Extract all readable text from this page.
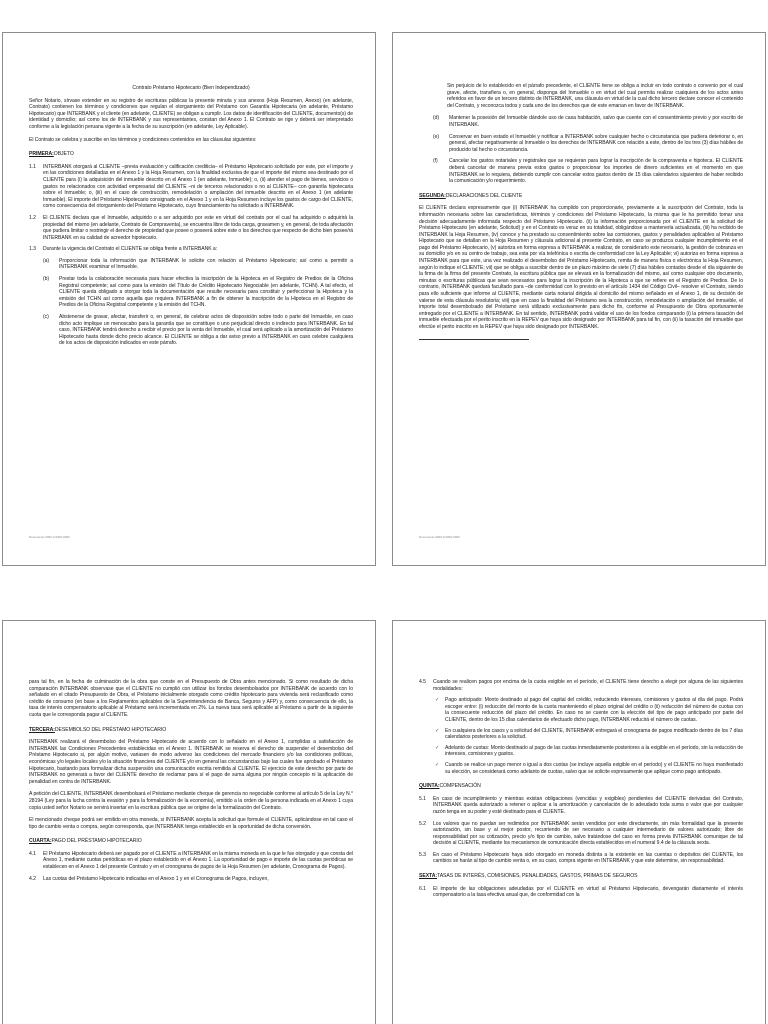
Contrato Préstamo Hipotecario (Bien Independizado)

Señor Notario, sírvase extender en su registro de escrituras públicas la presente minuta y sus anexos (Hoja Resumen, Anexo) (en adelante, Contrato) contienen los términos y condiciones que regulan el otorgamiento del Préstamo con Garantía Hipotecaria (en adelante, Préstamo Hipotecario) que INTERBANK y el cliente (en adelante, CLIENTE) se obligan a cumplir. Los datos de identificación del CLIENTE, documento(s) de identidad y domicilio; así como los de INTERBANK y sus representantes, constan del Anexo 1. El Contrato se rige y deberá ser interpretado conforme a la legislación peruana vigente a la fecha de su suscripción (en adelante, Ley Aplicable).

El Contrato se celebra y suscribe en los términos y condiciones contenidos en las cláusulas siguientes:

PRIMERA:OBJETO

1.1	INTERBANK otorgará al CLIENTE –previa evaluación y calificación crediticia– el Préstamo Hipotecario solicitado por este, por el importe y en las condiciones detalladas en el Anexo 1 y la Hoja Resumen, con la finalidad exclusiva de que el importe del mismo sea destinado por el CLIENTE para (i) la adquisición del inmueble descrito en el Anexo 1 (en adelante, Inmueble); o, (ii) atender el pago de bienes, servicios o gastos no relacionados con actividad empresarial del CLIENTE –ni de terceros relacionados o no al CLIENTE– con garantía hipotecaria sobre el Inmueble; o, (iii) en el caso de construcción, remodelación o ampliación del inmueble descrito en el Anexo 1 (en adelante Inmueble). El importe del Préstamo Hipotecario consignado en el Anexo 1 y en la Hoja Resumen incluye los gastos de cargo del CLIENTE, como consecuencia del otorgamiento del Préstamo Hipotecario, cuyo financiamiento ha solicitado a INTERBANK.
1.2	El CLIENTE declara que el Inmueble, adquirido o a ser adquirido por este en virtud del contrato por el cual ha adquirido o adquirirá la propiedad del mismo (en adelante, Contrato de Compraventa), se encuentra libre de toda carga, gravamen y, en general, de toda afectación que pudiera limitar o restringir el derecho de propiedad que posee o poseerá sobre este o los derechos que respecto de dicho bien posee/rá INTERBANK en su calidad de acreedor hipotecario.
1.3	Durante la vigencia del Contrato el CLIENTE se obliga frente a INTERBANK a:
(a)	Proporcionar toda la información que INTERBANK le solicite con relación al Préstamo Hipotecario; así como a permitir a INTERBANK examinar el Inmueble.
(b)	Prestar toda la colaboración necesaria para hacer efectiva la inscripción de la Hipoteca en el Registro de Predios de la Oficina Registral competente; así como para la emisión del Título de Crédito Hipotecario Negociable (en adelante, TCHN). A tal efecto, el CLIENTE queda obligado a otorgar toda la documentación que resulte necesaria para constituir y perfeccionar la Hipoteca y la emisión del TCHN así como aquella que requiera INTERBANK a fin de obtener la inscripción de la Hipoteca en el Registro de Predios de la Oficina Registral competente y la emisión del TCHN.
(c)	Abstenerse de gravar, afectar, transferir o, en general, de celebrar actos de disposición sobre todo o parte del Inmueble, en caso dicho acto implique un menoscabo para la garantía que se constituye o uno perjudicial directo o indirecto para INTERBANK. En tal caso, INTERBANK tendrá derecho a recibir el precio por la venta del Inmueble, el cual será aplicado a la amortización del Préstamo Hipotecario hasta donde dicho precio alcance. El CLIENTE se obliga a dar aviso previo a INTERBANK en caso celebre cualquiera de los actos de disposición indicados en este párrafo.
Documento 0000-0 0000-0000

Sin perjuicio de lo establecido en el párrafo precedente, el CLIENTE tiene se obliga a incluir en todo contrato o convenio por el cual grave, afecte, transfiera o, en general, disponga del Inmueble o en virtud del cual permita realizar cualquiera de los actos antes referidos en favor de un tercero distinto de INTERBANK, una cláusula en virtud de la cual dicho tercero declare conocer el contenido del Contrato, y reconozca todos y cada uno de los derechos que de este emanan en favor de INTERBANK.

(d)	Mantener la posesión del Inmueble dándole uso de casa habitación, salvo que cuente con el consentimiento previo y por escrito de INTERBANK.
(e)	Conservar en buen estado el Inmueble y notificar a INTERBANK sobre cualquier hecho o circunstancia que pudiera deteriorar o, en general, afectar negativamente al Inmueble o los derechos de INTERBANK con relación a este, dentro de los tres (3) días hábiles de producido tal hecho o circunstancia.
(f)	Cancelar los gastos notariales y registrales que se requieran para lograr la inscripción de la compraventa e hipoteca. El CLIENTE deberá cancelar de manera previa estos gastos o proporcionar los importes de dinero suficientes en el momento en que INTERBANK se lo requiera, debiendo cumplir con cancelar estos gastos dentro de 15 días calendarios siguientes de haber recibido la comunicación y/o requerimiento.

SEGUNDA:DECLARACIONES DEL CLIENTE

El CLIENTE declara expresamente que (i) INTERBANK ha cumplido con proporcionarle, previamente a la suscripción del Contrato, toda la información necesaria sobre las características, términos y condiciones del Préstamo Hipotecario, la misma que le ha permitido tomar una decisión adecuadamente informada respecto del Préstamo Hipotecario. (ii) la información proporcionada por el CLIENTE en la solicitud de Préstamo Hipotecario (en adelante, Solicitud) y en el Contrato es veraz en su totalidad, obligándose a mantenerla actualizada, (iii) ha recibido de INTERBANK la Hoja Resumen, (iv) conoce y ha prestado su consentimiento sobre las comisiones, gastos y penalidades aplicables al Préstamo Hipotecario que se detallan en la Hoja Resumen y cláusula adicional al presente Contrato, en caso se produzca cualquier incumplimiento en el pago del Préstamo Hipotecario, (v) autoriza en forma expresa a INTERBANK a realizar, de considerarlo este necesario, la gestión de cobranza en su domicilio y/o en su centro de trabajo, sea esta por vía telefónica o escrita de conformidad con la Ley Aplicable; vi) autoriza en forma expresa a INTERBANK para que este, una vez realizado el desembolso del Préstamo Hipotecario, remita de manera física o electrónica la Hoja Resumen, según lo indique el CLIENTE; vii) que se obliga a suscribir dentro de un plazo máximo de siete (7) días hábiles contados desde el día siguiente de la firma de la firma del presente Contrato, la escritura pública que se elevará en la formalización del mismo, así como cualquier otro documento, minutas o escrituras públicas que sean necesarios para lograr la inscripción de la Hipoteca a que se refiere en el Registro de Predios. De lo contrario, INTERBANK quedará facultado para –de conformidad con lo previsto en el artículo 1434 del Código Civil– resolver el Contrato, siendo para ello suficiente que informe al CLIENTE, mediante carta notarial dirigida al domicilio del mismo señalado en el Anexo 1, de su decisión de valerse de esta cláusula resolutoria; viii) que en caso la finalidad del Préstamo sea la construcción, remodelación o ampliación del inmueble, el importe total desembolsado del Préstamo será utilizado exclusivamente para dicho fin, conforme al Presupuesto de Obra oportunamente entregado por el CLIENTE a INTERBANK. En tal sentido, INTERBANK podrá validar el uso de los fondos comparando (i) la primera tasación del inmueble efectuada por el perito inscrito en la REPEV que haya sido designado por INTERBANK para tal fin, con (ii) la tasación del inmueble que efectúe el perito inscrito en la REPEV que haya sido designado por INTERBANK.

Documento 0000-0 0000-0000

para tal fin, en la fecha de culminación de la obra que conste en el Presupuesto de Obra antes mencionado. Si como resultado de dicha comparación INTERBANK observase que el CLIENTE no cumplió con utilizar los fondos desembolsados por INTERBANK de acuerdo con lo señalado en el citado Presupuesto de Obra, el Préstamo inicialmente otorgado como crédito hipotecario para vivienda será reclasificado como crédito de consumo (en base a los Reglamentos aplicables de la Superintendencia de Banca, Seguros y AFP) y, como consecuencia de ello, la tasa de interés compensatorio aplicable al Préstamo será incrementada en 2%. La nueva tasa será aplicable al Préstamo a partir de la siguiente cuota que le corresponda pagar al CLIENTE.

TERCERA:DESEMBOLSO DEL PRÉSTAMO HIPOTECARIO

INTERBANK realizará el desembolso del Préstamo Hipotecario de acuerdo con lo señalado en el Anexo 1, cumplidas a satisfacción de INTERBANK las Condiciones Precedentes establecidas en el Anexo 1. INTERBANK se reserva el derecho de suspender el desembolso del Préstamo Hipotecario si, por algún motivo, variasen de modo adverso las condiciones del mercado financiero y/o las condiciones políticas, económicas y/o legales locales y/o la situación financiera del CLIENTE y/o en general las circunstancias bajo las cuales fue aprobado el Préstamo Hipotecario, bastando para formalizar dicha suspensión una comunicación escrita remitida al CLIENTE. El ejercicio de este derecho por parte de INTERBANK no generará a favor del CLIENTE derecho de reclamar para sí el pago de suma alguna por ningún concepto ni la aplicación de penalidad en contra de INTERBANK.

A petición del CLIENTE, INTERBANK desembolsará el Préstamo mediante cheque de gerencia no negociable conforme al artículo 5 de la Ley N.° 28194 (Ley para la lucha contra la evasión y para la formalización de la economía), emitido a la orden de la persona indicada en el Anexo 1 cuya copia usted señor Notario se servirá insertar en la escritura pública que se origine de la formalización del Contrato.

El mencionado cheque podrá ser emitido en otra moneda, si INTERBANK acepta la solicitud que formule el CLIENTE, aplicándose en tal caso el tipo de cambio venta o compra, según corresponda, que INTERBANK tenga establecido en la oportunidad de dicha conversión.

CUARTA:PAGO DEL PRÉSTAMO HIPOTECARIO

4.1	El Préstamo Hipotecario deberá ser pagado por el CLIENTE a INTERBANK en la misma moneda en la que le fue otorgado y que consta del Anexo 1, mediante cuotas periódicas en el plazo establecido en el Anexo 1. La oportunidad de pago e importe de las cuotas periódicas se establecen en el Anexo 1 del presente Contrato y en el cronograma de pagos de la Hoja Resumen (en adelante, Cronograma de Pagos).
4.2	Las cuotas del Préstamo Hipotecario indicadas en el Anexo 1 y en el Cronograma de Pagos, incluyen,
4.5	Cuando se realicen pagos por encima de la cuota exigible en el período, el CLIENTE tiene derecho a elegir por alguna de las siguientes modalidades:
✓	Pago anticipado: Monto destinado al pago del capital del crédito, reduciendo intereses, comisiones y gastos al día del pago. Podrá escoger entre: (i) reducción del monto de la cuota manteniendo el plazo original del crédito o (ii) reducción del número de cuotas con la consecuente reducción del plazo del crédito. En caso no se cuente con la elección del tipo de pago anticipado por parte del CLIENTE, dentro de los 15 días calendarios de efectuado dicho pago, INTERBANK reducirá el número de cuotas.
✓	En cualquiera de los casos y a solicitud del CLIENTE, INTERBANK entregará el cronograma de pagos modificado dentro de los 7 días calendarios posteriores a la solicitud.
✓	Adelanto de cuotas: Monto destinado al pago de las cuotas inmediatamente posteriores a la exigible en el período, sin la reducción de intereses, comisiones y gastos.
✓	Cuando se realice un pago menor o igual a dos cuotas (se incluye aquella exigible en el período) y el CLIENTE no haya manifestado su elección, se considerará como adelanto de cuotas, salvo que se solicite expresamente que aplique como pago anticipado.

QUINTA:COMPENSACIÓN

5.1	En caso de incumplimiento y mientras existan obligaciones (vencidas y exigibles) pendientes del CLIENTE derivadas del Contrato, INTERBANK queda autorizado a retener o aplicar a la amortización y cancelación de lo adeudado toda suma o valor que por cualquier razón tenga en su poder y esté destinado para el CLIENTE.
5.2	Los valores que no puedan ser redimidos por INTERBANK serán vendidos por este directamente, sin más formalidad que la presente autorización, sin base y al mejor postor, recurriendo de ser necesario a cualquier intermediario de valores autorizado; libre de responsabilidad por su cotización, precio y/o tipo de cambio, salvo tratándose del caso en forma previa INTERBANK comunique de tal decisión al CLIENTE, mediante los mecanismos de comunicación directa establecidos en el numeral 9.4 de la cláusula sexta.
5.3	En caso el Préstamo Hipotecario haya sido otorgado en moneda distinta a la existente en las cuentas o depósitos del CLIENTE, los cambios se harán al tipo de cambio venta o, en su caso, compra vigente en INTERBANK y que este determine, sin responsabilidad.

SEXTA:TASAS DE INTERÉS, COMISIONES, PENALIDADES, GASTOS, PRIMAS DE SEGUROS

6.1	El importe de las obligaciones adeudadas por el CLIENTE en virtud al Préstamo Hipotecario, devengarán diariamente el interés compensatorio a la tasa efectiva anual que, de conformidad con la
